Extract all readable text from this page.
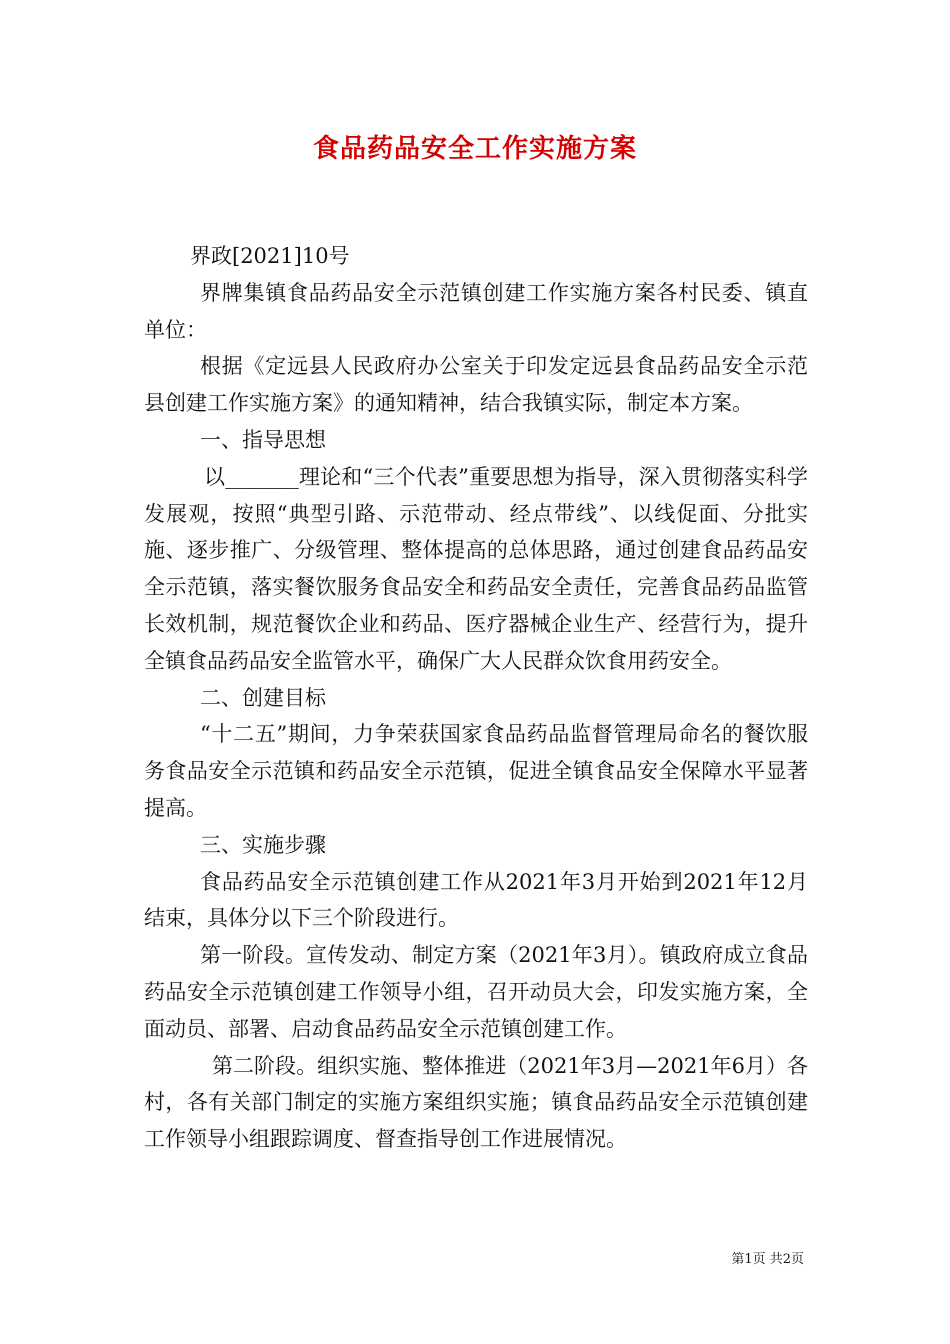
食品药品安全工作实施方案

界政[2021]10号

界牌集镇食品药品安全示范镇创建工作实施方案各村民委、镇直单位：

根据《定远县人民政府办公室关于印发定远县食品药品安全示范县创建工作实施方案》的通知精神，结合我镇实际，制定本方案。

一、指导思想

以_______理论和“三个代表”重要思想为指导，深入贯彻落实科学发展观，按照“典型引路、示范带动、经点带线”、以线促面、分批实施、逐步推广、分级管理、整体提高的总体思路，通过创建食品药品安全示范镇，落实餐饮服务食品安全和药品安全责任，完善食品药品监管长效机制，规范餐饮企业和药品、医疗器械企业生产、经营行为，提升全镇食品药品安全监管水平，确保广大人民群众饮食用药安全。

二、创建目标

“十二五”期间，力争荣获国家食品药品监督管理局命名的餐饮服务食品安全示范镇和药品安全示范镇，促进全镇食品安全保障水平显著提高。

三、实施步骤

食品药品安全示范镇创建工作从2021年3月开始到2021年12月结束，具体分以下三个阶段进行。

第一阶段。宣传发动、制定方案（2021年3月）。镇政府成立食品药品安全示范镇创建工作领导小组，召开动员大会，印发实施方案，全面动员、部署、启动食品药品安全示范镇创建工作。

第二阶段。组织实施、整体推进（2021年3月—2021年6月）各村，各有关部门制定的实施方案组织实施；镇食品药品安全示范镇创建工作领导小组跟踪调度、督查指导创工作进展情况。

第1页 共2页
